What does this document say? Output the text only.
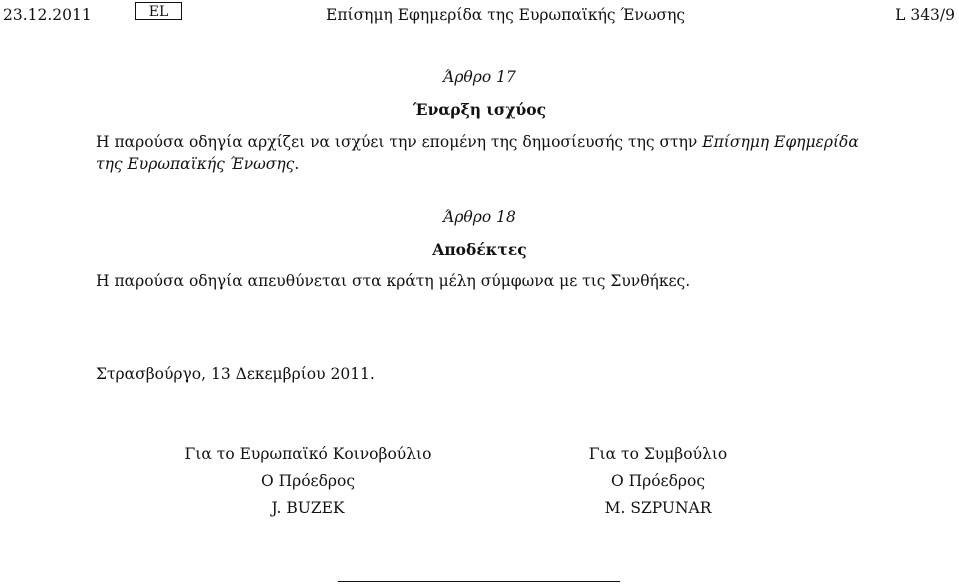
23.12.2011	EL	Επίσημη Εφημερίδα της Ευρωπαϊκής Ένωσης	L 343/9
Άρθρο 17
Έναρξη ισχύος
Η παρούσα οδηγία αρχίζει να ισχύει την επομένη της δημοσίευσής της στην Επίσημη Εφημερίδα της Ευρωπαϊκής Ένωσης.
Άρθρο 18
Αποδέκτες
Η παρούσα οδηγία απευθύνεται στα κράτη μέλη σύμφωνα με τις Συνθήκες.
Στρασβούργο, 13 Δεκεμβρίου 2011.
Για το Ευρωπαϊκό Κοινοβούλιο
Ο Πρόεδρος
J. BUZEK
Για το Συμβούλιο
Ο Πρόεδρος
M. SZPUNAR
